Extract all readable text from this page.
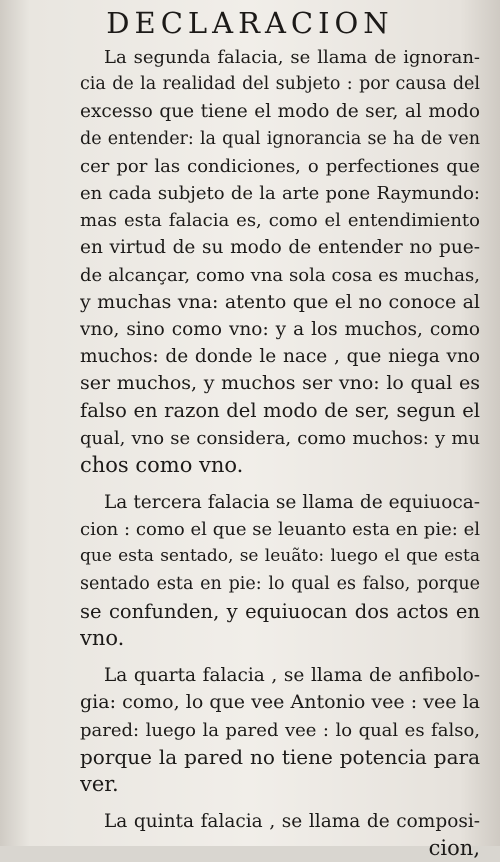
DECLARACION
La segunda falacia, se llama de ignoran-
cia de la realidad del subjeto : por causa del
excesso que tiene el modo de ser, al modo
de entender: la qual ignorancia se ha de ven
cer por las condiciones, o perfectiones que
en cada subjeto de la arte pone Raymundo:
mas esta falacia es, como el entendimiento
en virtud de su modo de entender no pue-
de alcançar, como vna sola cosa es muchas,
y muchas vna: atento que el no conoce al
vno, sino como vno: y a los muchos, como
muchos: de donde le nace , que niega vno
ser muchos, y muchos ser vno: lo qual es
falso en razon del modo de ser, segun el
qual, vno se considera, como muchos: y mu
chos como vno.
La tercera falacia se llama de equiuoca-
cion : como el que se leuanto esta en pie: el
que esta sentado, se leuãto: luego el que esta
sentado esta en pie: lo qual es falso, porque
se confunden, y equiuocan dos actos en
vno.
La quarta falacia , se llama de anfibolo-
gia: como, lo que vee Antonio vee : vee la
pared: luego la pared vee : lo qual es falso,
porque la pared no tiene potencia para
ver.
La quinta falacia , se llama de composi-
cion,
